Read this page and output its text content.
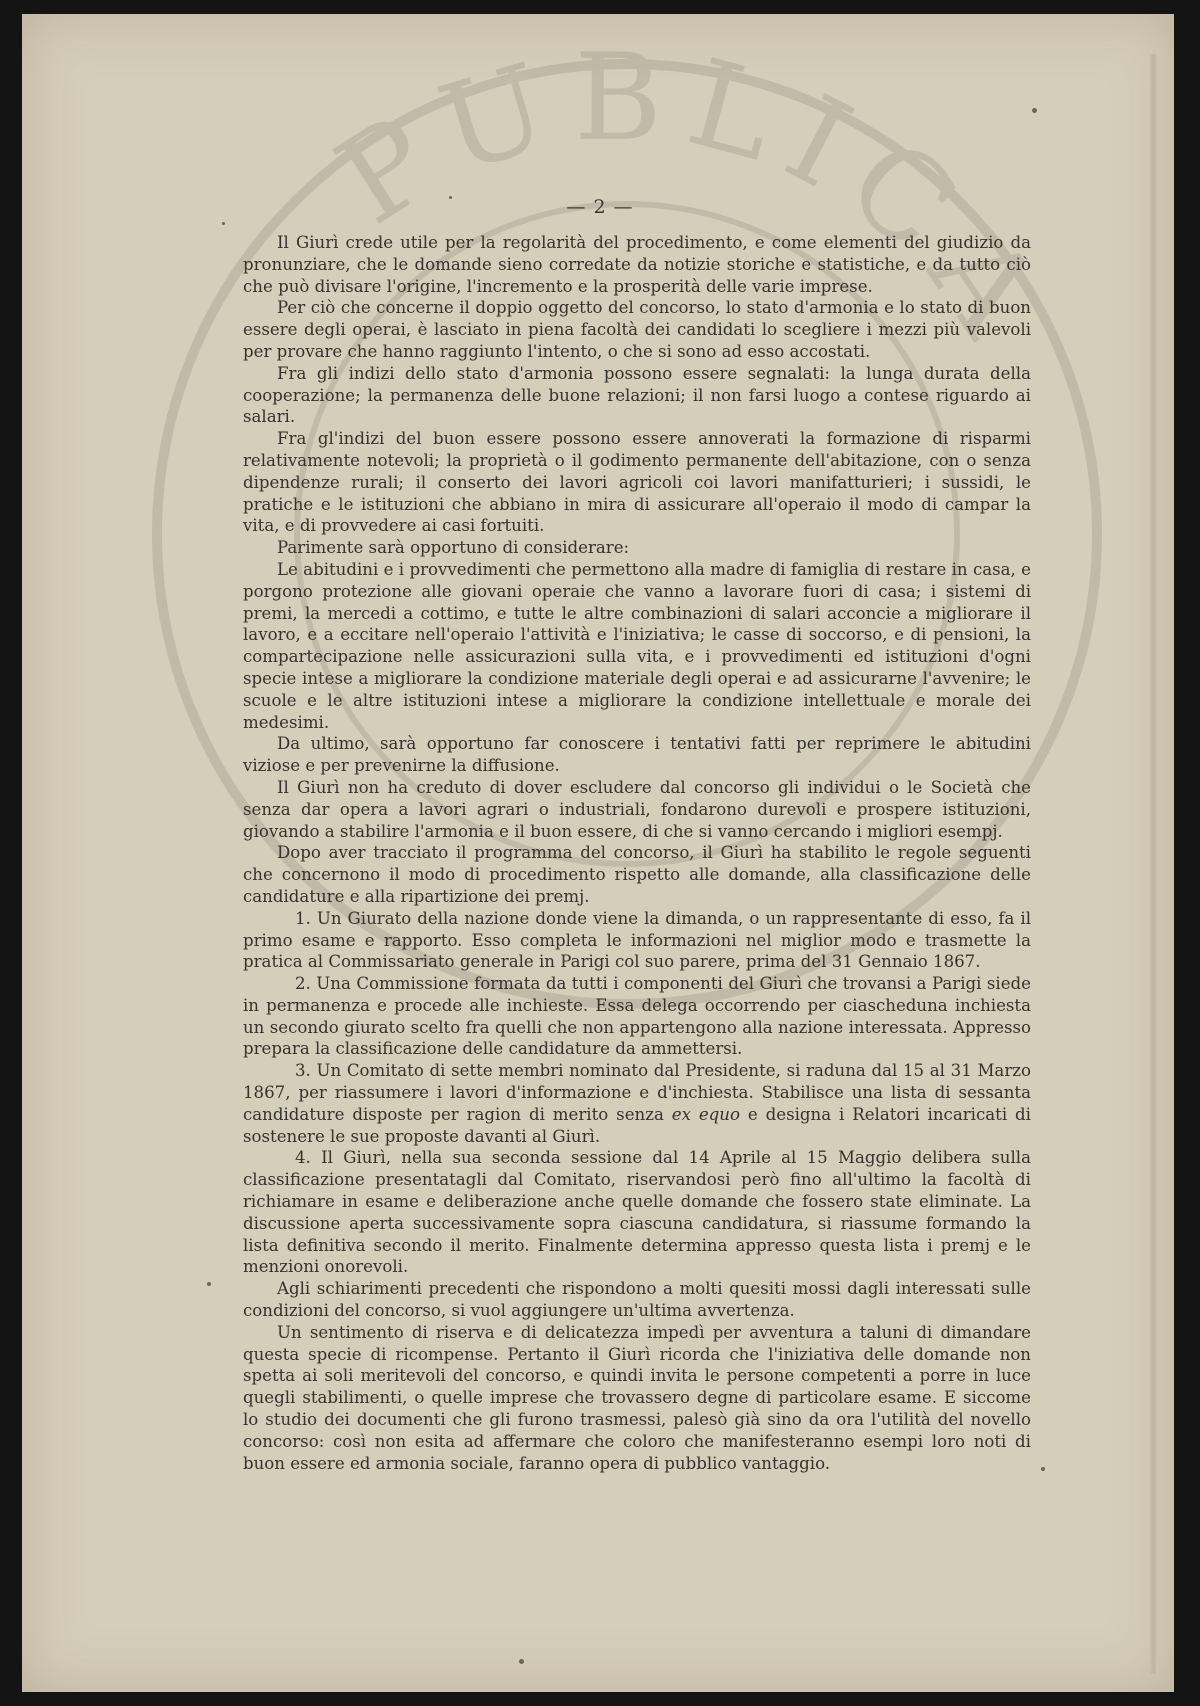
PUBLICA
— 2 —

Il Giurì crede utile per la regolarità del procedimento, e come elementi del giudizio da pronunziare, che le domande sieno corredate da notizie storiche e statistiche, e da tutto ciò che può divisare l'origine, l'incremento e la prosperità delle varie imprese.

Per ciò che concerne il doppio oggetto del concorso, lo stato d'armonia e lo stato di buon essere degli operai, è lasciato in piena facoltà dei candidati lo scegliere i mezzi più valevoli per provare che hanno raggiunto l'intento, o che si sono ad esso accostati.

Fra gli indizi dello stato d'armonia possono essere segnalati: la lunga durata della cooperazione; la permanenza delle buone relazioni; il non farsi luogo a contese riguardo ai salari.

Fra gl'indizi del buon essere possono essere annoverati la formazione di risparmi relativamente notevoli; la proprietà o il godimento permanente dell'abitazione, con o senza dipendenze rurali; il conserto dei lavori agricoli coi lavori manifatturieri; i sussidi, le pratiche e le istituzioni che abbiano in mira di assicurare all'operaio il modo di campar la vita, e di provvedere ai casi fortuiti.

Parimente sarà opportuno di considerare:

Le abitudini e i provvedimenti che permettono alla madre di famiglia di restare in casa, e porgono protezione alle giovani operaie che vanno a lavorare fuori di casa; i sistemi di premi, la mercedi a cottimo, e tutte le altre combinazioni di salari acconcie a migliorare il lavoro, e a eccitare nell'operaio l'attività e l'iniziativa; le casse di soccorso, e di pensioni, la compartecipazione nelle assicurazioni sulla vita, e i provvedimenti ed istituzioni d'ogni specie intese a migliorare la condizione materiale degli operai e ad assicurarne l'avvenire; le scuole e le altre istituzioni intese a migliorare la condizione intellettuale e morale dei medesimi.

Da ultimo, sarà opportuno far conoscere i tentativi fatti per reprimere le abitudini viziose e per prevenirne la diffusione.

Il Giurì non ha creduto di dover escludere dal concorso gli individui o le Società che senza dar opera a lavori agrari o industriali, fondarono durevoli e prospere istituzioni, giovando a stabilire l'armonia e il buon essere, di che si vanno cercando i migliori esempj.

Dopo aver tracciato il programma del concorso, il Giurì ha stabilito le regole seguenti che concernono il modo di procedimento rispetto alle domande, alla classificazione delle candidature e alla ripartizione dei premj.

1. Un Giurato della nazione donde viene la dimanda, o un rappresentante di esso, fa il primo esame e rapporto. Esso completa le informazioni nel miglior modo e trasmette la pratica al Commissariato generale in Parigi col suo parere, prima del 31 Gennaio 1867.

2. Una Commissione formata da tutti i componenti del Giurì che trovansi a Parigi siede in permanenza e procede alle inchieste. Essa delega occorrendo per ciascheduna inchiesta un secondo giurato scelto fra quelli che non appartengono alla nazione interessata. Appresso prepara la classificazione delle candidature da ammettersi.

3. Un Comitato di sette membri nominato dal Presidente, si raduna dal 15 al 31 Marzo 1867, per riassumere i lavori d'informazione e d'inchiesta. Stabilisce una lista di sessanta candidature disposte per ragion di merito senza ex equo e designa i Relatori incaricati di sostenere le sue proposte davanti al Giurì.

4. Il Giurì, nella sua seconda sessione dal 14 Aprile al 15 Maggio delibera sulla classificazione presentatagli dal Comitato, riservandosi però fino all'ultimo la facoltà di richiamare in esame e deliberazione anche quelle domande che fossero state eliminate. La discussione aperta successivamente sopra ciascuna candidatura, si riassume formando la lista definitiva secondo il merito. Finalmente determina appresso questa lista i premj e le menzioni onorevoli.

Agli schiarimenti precedenti che rispondono a molti quesiti mossi dagli interessati sulle condizioni del concorso, si vuol aggiungere un'ultima avvertenza.

Un sentimento di riserva e di delicatezza impedì per avventura a taluni di dimandare questa specie di ricompense. Pertanto il Giurì ricorda che l'iniziativa delle domande non spetta ai soli meritevoli del concorso, e quindi invita le persone competenti a porre in luce quegli stabilimenti, o quelle imprese che trovassero degne di particolare esame. E siccome lo studio dei documenti che gli furono trasmessi, palesò già sino da ora l'utilità del novello concorso: così non esita ad affermare che coloro che manifesteranno esempi loro noti di buon essere ed armonia sociale, faranno opera di pubblico vantaggio.
